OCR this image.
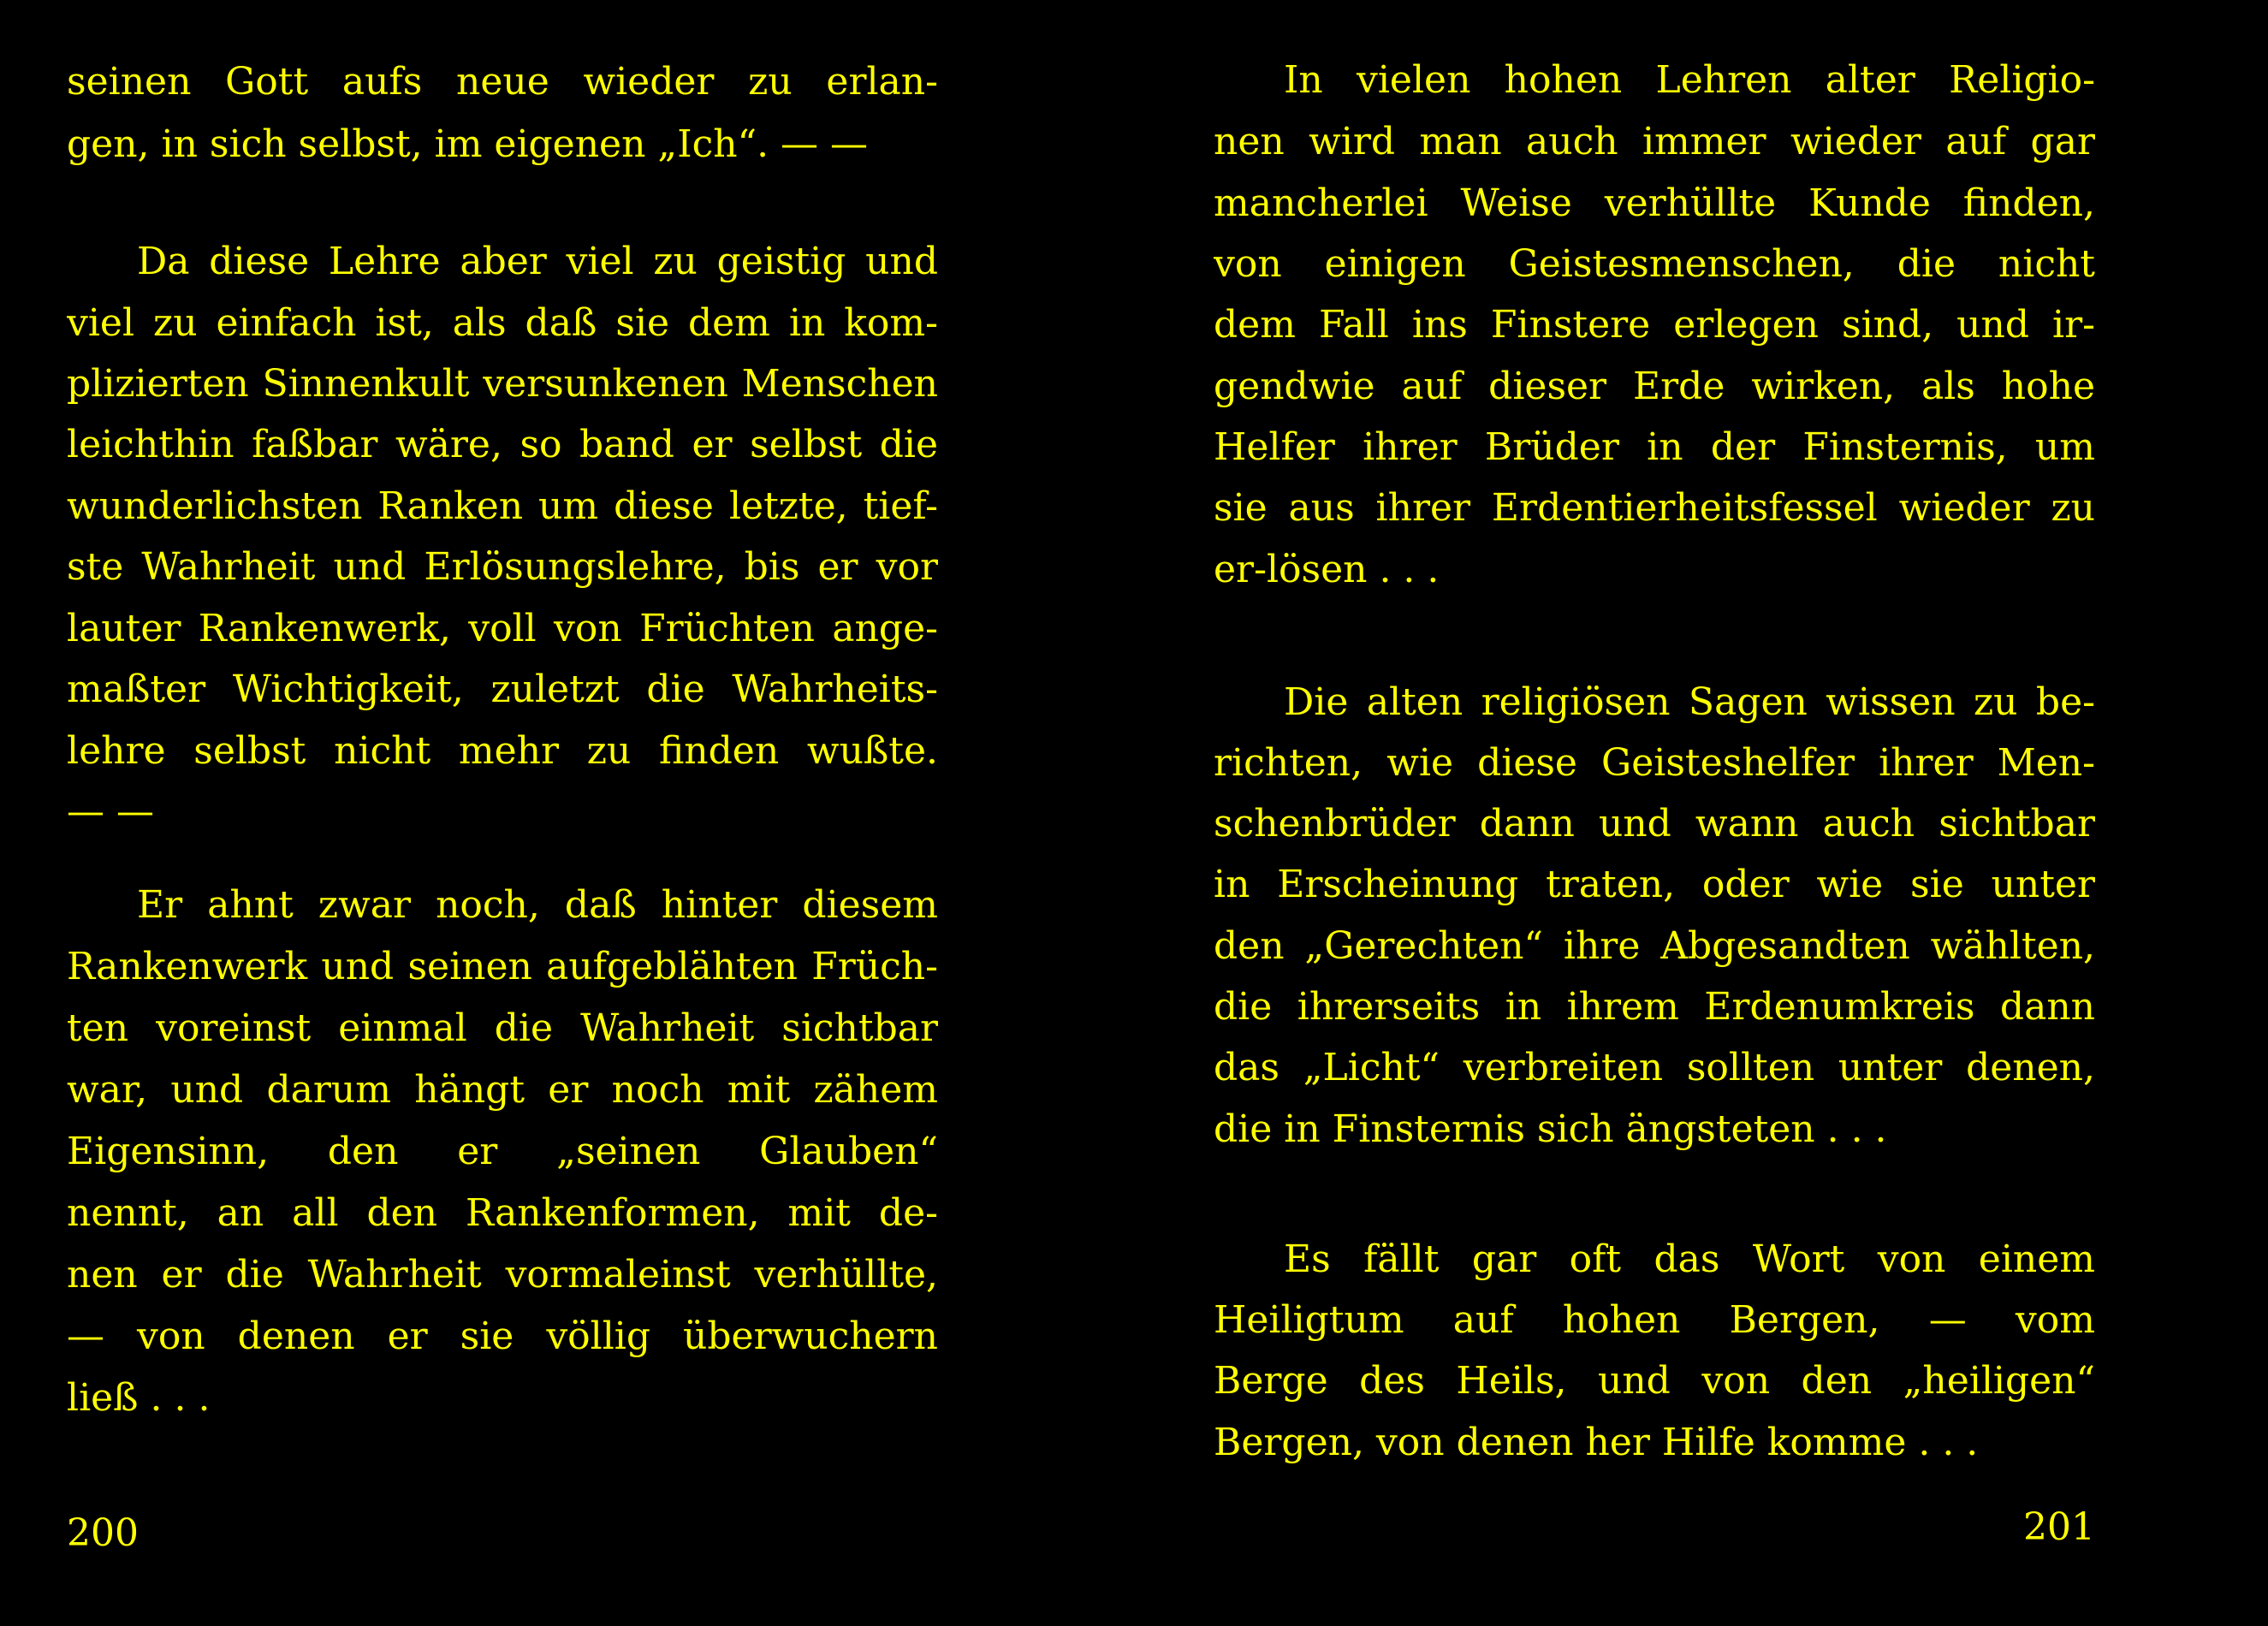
seinen Gott aufs neue wieder zu erlan-
gen, in sich selbst, im eigenen „Ich“. — —
Da diese Lehre aber viel zu geistig und
viel zu einfach ist, als daß sie dem in kom-
plizierten Sinnenkult versunkenen Menschen
leichthin faßbar wäre, so band er selbst die
wunderlichsten Ranken um diese letzte, tief-
ste Wahrheit und Erlösungslehre, bis er vor
lauter Rankenwerk, voll von Früchten ange-
maßter Wichtigkeit, zuletzt die Wahrheits-
lehre selbst nicht mehr zu finden wußte.
— —
Er ahnt zwar noch, daß hinter diesem
Rankenwerk und seinen aufgeblähten Früch-
ten voreinst einmal die Wahrheit sichtbar
war, und darum hängt er noch mit zähem
Eigensinn, den er „seinen Glauben“
nennt, an all den Rankenformen, mit de-
nen er die Wahrheit vormaleinst verhüllte,
— von denen er sie völlig überwuchern
ließ . . .
200
In vielen hohen Lehren alter Religio-
nen wird man auch immer wieder auf gar
mancherlei Weise verhüllte Kunde finden,
von einigen Geistesmenschen, die nicht
dem Fall ins Finstere erlegen sind, und ir-
gendwie auf dieser Erde wirken, als hohe
Helfer ihrer Brüder in der Finsternis, um
sie aus ihrer Erdentierheitsfessel wieder zu
er-lösen . . .
Die alten religiösen Sagen wissen zu be-
richten, wie diese Geisteshelfer ihrer Men-
schenbrüder dann und wann auch sichtbar
in Erscheinung traten, oder wie sie unter
den „Gerechten“ ihre Abgesandten wählten,
die ihrerseits in ihrem Erdenumkreis dann
das „Licht“ verbreiten sollten unter denen,
die in Finsternis sich ängsteten . . .
Es fällt gar oft das Wort von einem
Heiligtum auf hohen Bergen, — vom
Berge des Heils, und von den „heiligen“
Bergen, von denen her Hilfe komme . . .
201
